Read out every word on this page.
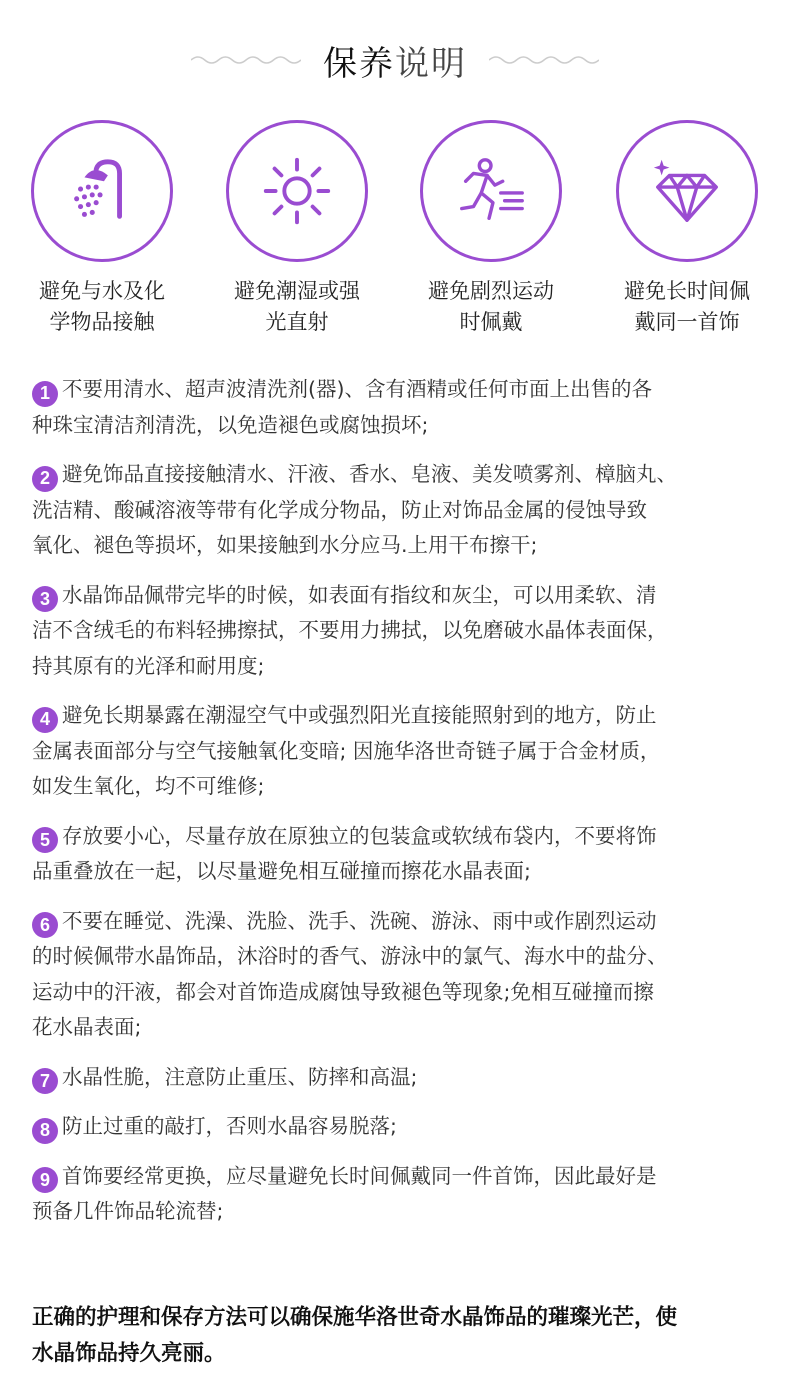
保养说明
避免与水及化
学物品接触
避免潮湿或强
光直射
避免剧烈运动
时佩戴
避免长时间佩
戴同一首饰
1 不要用清水、超声波清洗剂(器)、含有酒精或任何市面上出售的各
种珠宝清洁剂清洗，以免造褪色或腐蚀损坏;
2 避免饰品直接接触清水、汗液、香水、皂液、美发喷雾剂、樟脑丸、
洗洁精、酸碱溶液等带有化学成分物品，防止对饰品金属的侵蚀导致
氧化、褪色等损坏，如果接触到水分应马.上用干布擦干;
3 水晶饰品佩带完毕的时候，如表面有指纹和灰尘，可以用柔软、清
洁不含绒毛的布料轻拂擦拭，不要用力拂拭，以免磨破水晶体表面保，
持其原有的光泽和耐用度;
4 避免长期暴露在潮湿空气中或强烈阳光直接能照射到的地方，防止
金属表面部分与空气接触氧化变暗; 因施华洛世奇链子属于合金材质，
如发生氧化，均不可维修;
5 存放要小心，尽量存放在原独立的包装盒或软绒布袋内，不要将饰
品重叠放在一起，以尽量避免相互碰撞而擦花水晶表面;
6 不要在睡觉、洗澡、洗脸、洗手、洗碗、游泳、雨中或作剧烈运动
的时候佩带水晶饰品，沐浴时的香气、游泳中的氯气、海水中的盐分、
运动中的汗液，都会对首饰造成腐蚀导致褪色等现象;免相互碰撞而擦
花水晶表面;
7 水晶性脆，注意防止重压、防摔和高温;
8 防止过重的敲打，否则水晶容易脱落;
9 首饰要经常更换，应尽量避免长时间佩戴同一件首饰，因此最好是
预备几件饰品轮流替;
正确的护理和保存方法可以确保施华洛世奇水晶饰品的璀璨光芒，使
水晶饰品持久亮丽。
